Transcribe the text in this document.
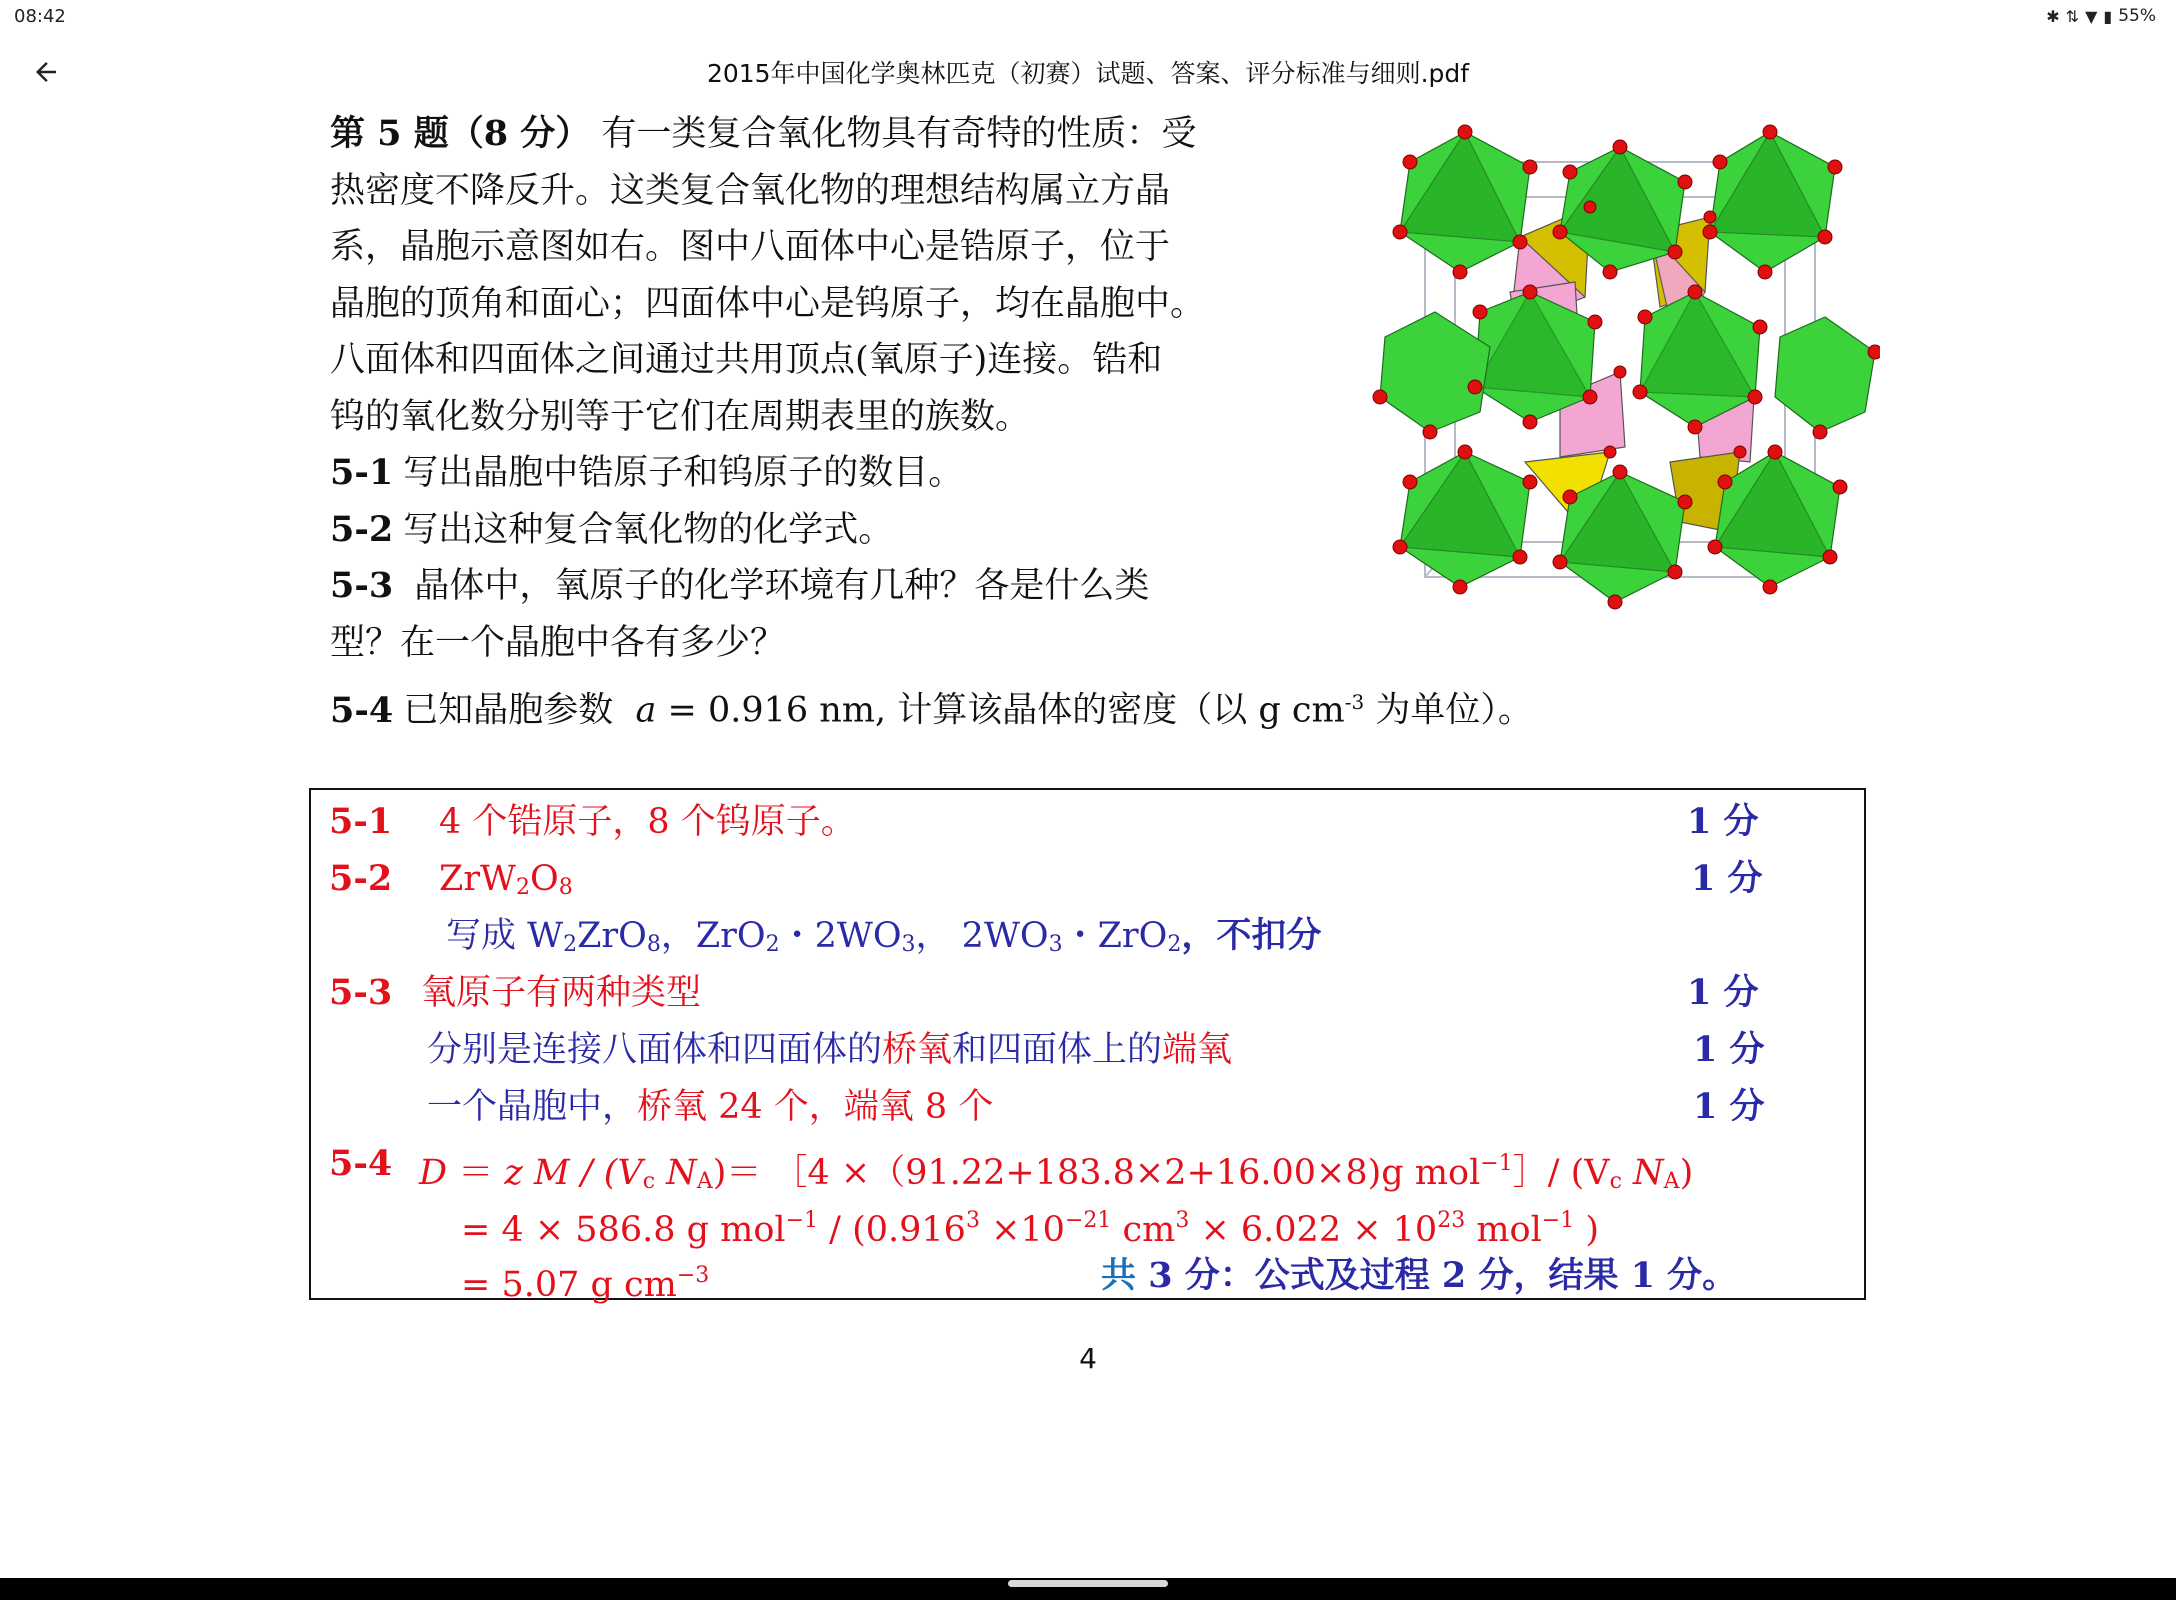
08:42	✱ ⇅ ▼ ▮ 55%
2015年中国化学奥林匹克（初赛）试题、答案、评分标准与细则.pdf

第 5 题（8 分） 有一类复合氧化物具有奇特的性质：受

热密度不降反升。这类复合氧化物的理想结构属立方晶

系，晶胞示意图如右。图中八面体中心是锆原子，位于

晶胞的顶角和面心；四面体中心是钨原子，均在晶胞中。

八面体和四面体之间通过共用顶点(氧原子)连接。锆和

钨的氧化数分别等于它们在周期表里的族数。

5-1 写出晶胞中锆原子和钨原子的数目。

5-2 写出这种复合氧化物的化学式。

5-3 晶体中，氧原子的化学环境有几种？各是什么类

型？在一个晶胞中各有多少？

5-4 已知晶胞参数 a = 0.916 nm, 计算该晶体的密度（以 g $cm^{-3}$ 为单位）。
5-1 4 个锆原子，8 个钨原子。	1 分
5-2 $ZrW_2O_8$	1 分
写成 $W_2ZrO_8$，ZrO$_2$・$2WO_3$， $2WO_3$・ZrO$_2$，不扣分
5-3 氧原子有两种类型	1 分
分别是连接八面体和四面体的桥氧和四面体上的端氧	1 分
一个晶胞中，桥氧 24 个，端氧 8 个	1 分
5-4 D ＝ z M / ($V_c$ $N_A)=$ ［4 ×（91.22+183.8×2+16.00×8)g mol$^{-1}$］/ ($V_c$ $N_A$)
= 4 × 586.8 g $mol^{-1} / (0.916^3 \times 10^{-21}$ $cm^3 \times 6.022 \times 10^{23}$ mol$^{-1}$ )
= 5.07 g $cm^{-3}$	共 3 分：公式及过程 2 分，结果 1 分。
4
